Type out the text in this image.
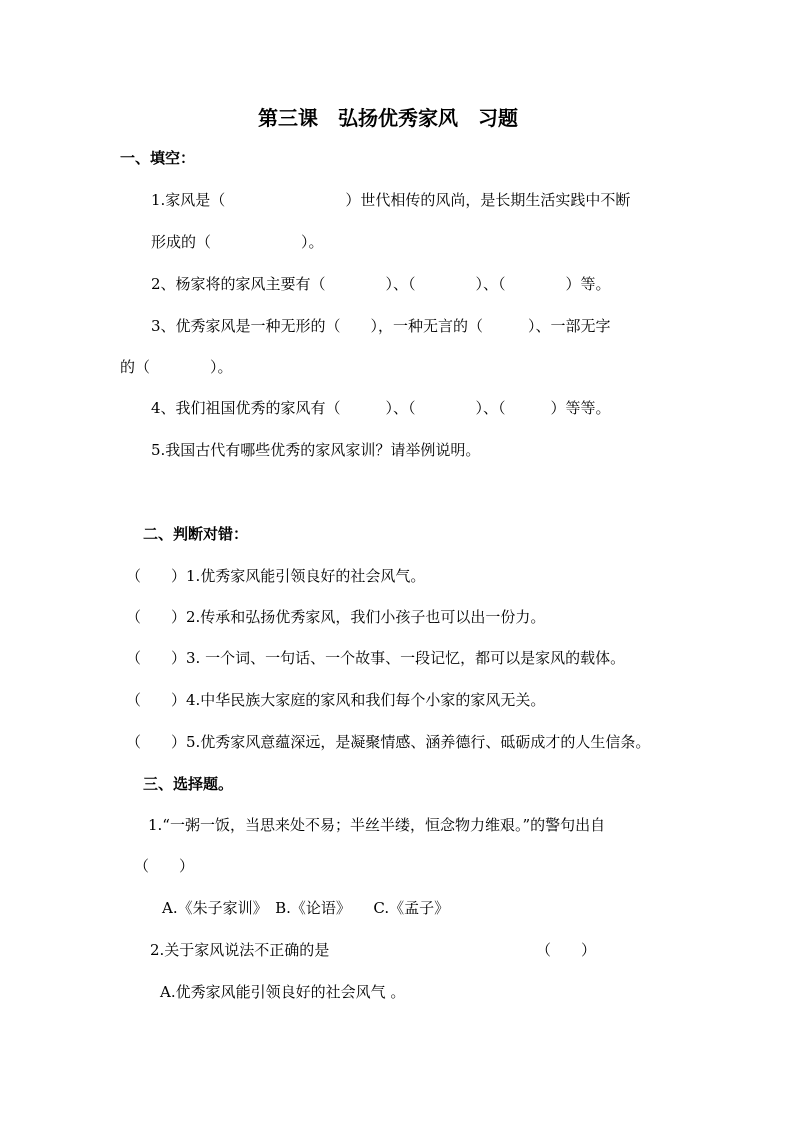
第三课　弘扬优秀家风　习题
一、填空：
1.家风是（　　　　　　　　）世代相传的风尚，是长期生活实践中不断
形成的（　　　　　　）。
2、杨家将的家风主要有（　　　　）、（　　　　）、（　　　　）等。
3、优秀家风是一种无形的（　　），一种无言的（　　　）、一部无字
的（　　　　）。
4、我们祖国优秀的家风有（　　　）、（　　　　）、（　　　）等等。
5.我国古代有哪些优秀的家风家训？请举例说明。
二、判断对错：
（　　）1.优秀家风能引领良好的社会风气。
（　　）2.传承和弘扬优秀家风，我们小孩子也可以出一份力。
（　　）3. 一个词、一句话、一个故事、一段记忆，都可以是家风的载体。
（　　）4.中华民族大家庭的家风和我们每个小家的家风无关。
（　　）5.优秀家风意蕴深远，是凝聚情感、涵养德行、砥砺成才的人生信条。
三、选择题。
1.“一粥一饭，当思来处不易；半丝半缕，恒念物力维艰。”的警句出自
（　　）
A.《朱子家训》　B.《论语》　　C.《孟子》
2.关于家风说法不正确的是	（　　）
A.优秀家风能引领良好的社会风气 。
